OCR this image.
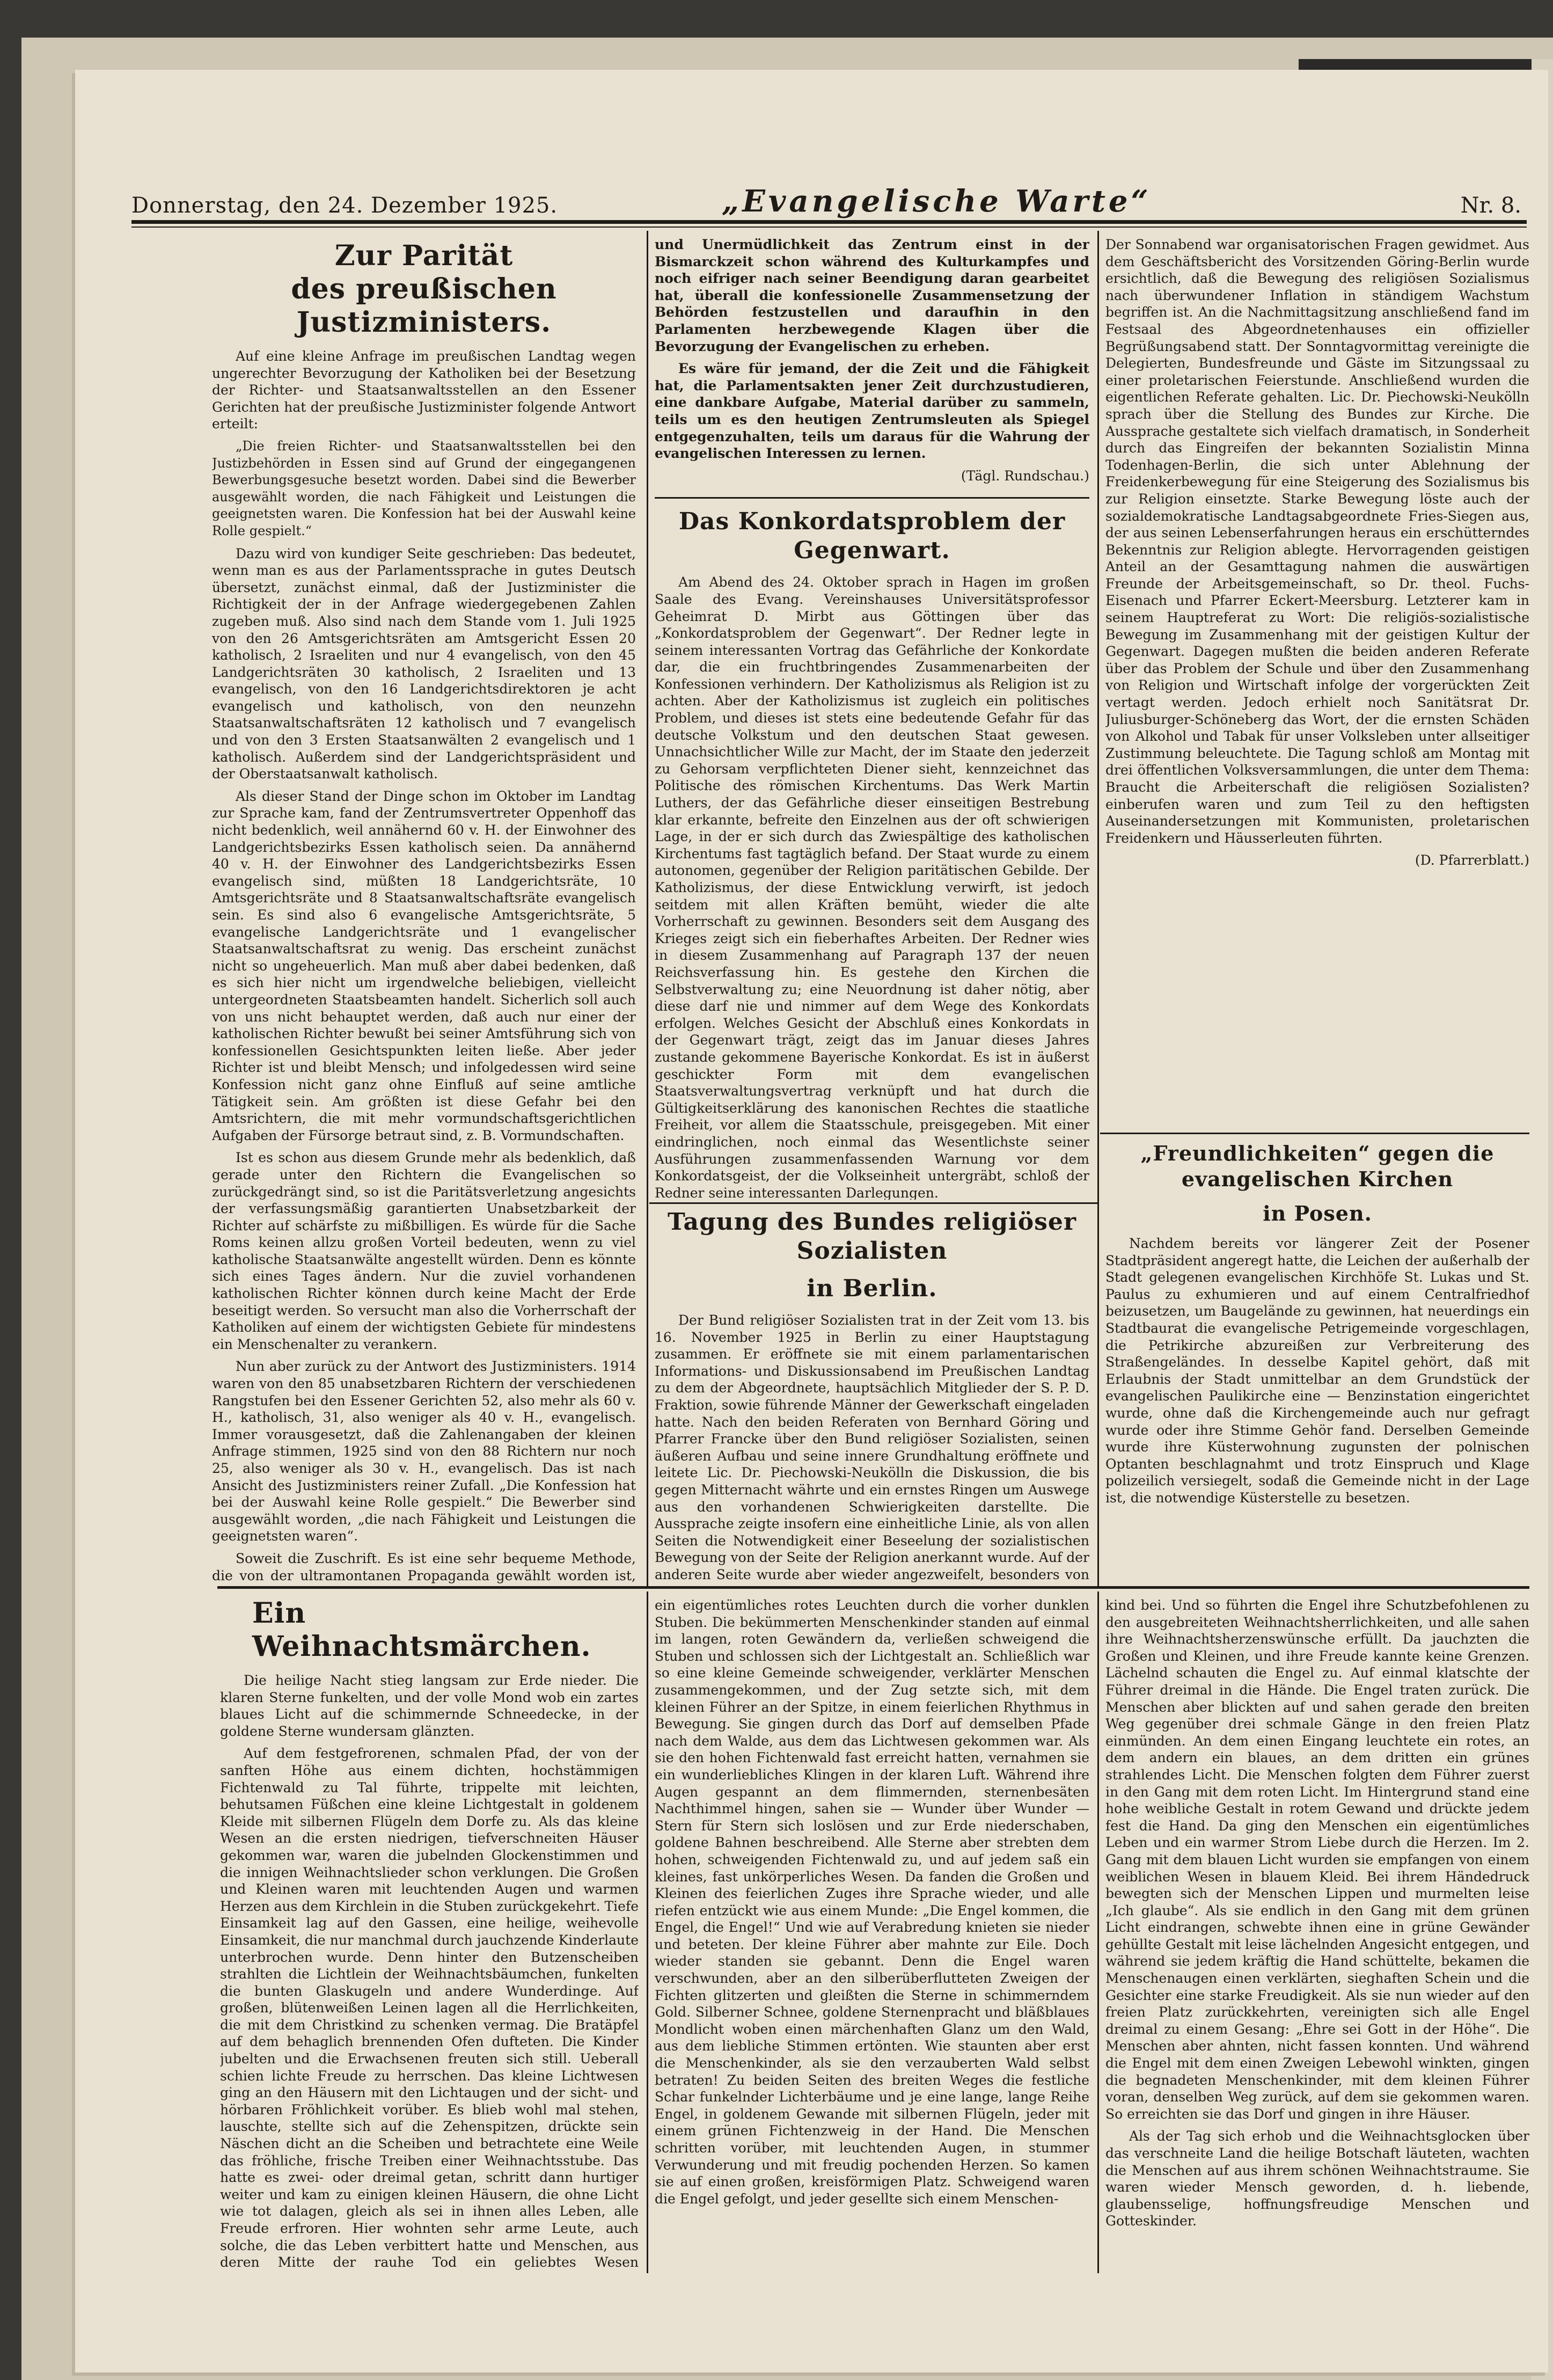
Donnerstag, den 24. Dezember 1925.	„Evangelische Warte“	Nr. 8.
Zur Parität
des preußischen Justizministers.

Auf eine kleine Anfrage im preußischen Landtag wegen ungerechter Bevorzugung der Katholiken bei der Besetzung der Richter- und Staatsanwaltsstellen an den Essener Gerichten hat der preußische Justizminister folgende Antwort erteilt:

„Die freien Richter- und Staatsanwaltsstellen bei den Justizbehörden in Essen sind auf Grund der eingegangenen Bewerbungsgesuche besetzt worden. Dabei sind die Bewerber ausgewählt worden, die nach Fähigkeit und Leistungen die geeignetsten waren. Die Konfession hat bei der Auswahl keine Rolle gespielt.“

Dazu wird von kundiger Seite geschrieben: Das bedeutet, wenn man es aus der Parlamentssprache in gutes Deutsch übersetzt, zunächst einmal, daß der Justizminister die Richtigkeit der in der Anfrage wiedergegebenen Zahlen zugeben muß. Also sind nach dem Stande vom 1. Juli 1925 von den 26 Amtsgerichtsräten am Amtsgericht Essen 20 katholisch, 2 Israeliten und nur 4 evangelisch, von den 45 Landgerichtsräten 30 katholisch, 2 Israeliten und 13 evangelisch, von den 16 Landgerichtsdirektoren je acht evangelisch und katholisch, von den neunzehn Staatsanwaltschaftsräten 12 katholisch und 7 evangelisch und von den 3 Ersten Staatsanwälten 2 evangelisch und 1 katholisch. Außerdem sind der Landgerichtspräsident und der Oberstaatsanwalt katholisch.

Als dieser Stand der Dinge schon im Oktober im Landtag zur Sprache kam, fand der Zentrumsvertreter Oppenhoff das nicht bedenklich, weil annähernd 60 v. H. der Einwohner des Landgerichtsbezirks Essen katholisch seien. Da annähernd 40 v. H. der Einwohner des Landgerichtsbezirks Essen evangelisch sind, müßten 18 Landgerichtsräte, 10 Amtsgerichtsräte und 8 Staatsanwaltschaftsräte evangelisch sein. Es sind also 6 evangelische Amtsgerichtsräte, 5 evangelische Landgerichtsräte und 1 evangelischer Staatsanwaltschaftsrat zu wenig. Das erscheint zunächst nicht so ungeheuerlich. Man muß aber dabei bedenken, daß es sich hier nicht um irgendwelche beliebigen, vielleicht untergeordneten Staatsbeamten handelt. Sicherlich soll auch von uns nicht behauptet werden, daß auch nur einer der katholischen Richter bewußt bei seiner Amtsführung sich von konfessionellen Gesichtspunkten leiten ließe. Aber jeder Richter ist und bleibt Mensch; und infolgedessen wird seine Konfession nicht ganz ohne Einfluß auf seine amtliche Tätigkeit sein. Am größten ist diese Gefahr bei den Amtsrichtern, die mit mehr vormundschaftsgerichtlichen Aufgaben der Fürsorge betraut sind, z. B. Vormundschaften.

Ist es schon aus diesem Grunde mehr als bedenklich, daß gerade unter den Richtern die Evangelischen so zurückgedrängt sind, so ist die Paritätsverletzung angesichts der verfassungsmäßig garantierten Unabsetzbarkeit der Richter auf schärfste zu mißbilligen. Es würde für die Sache Roms keinen allzu großen Vorteil bedeuten, wenn zu viel katholische Staatsanwälte angestellt würden. Denn es könnte sich eines Tages ändern. Nur die zuviel vorhandenen katholischen Richter können durch keine Macht der Erde beseitigt werden. So versucht man also die Vorherrschaft der Katholiken auf einem der wichtigsten Gebiete für mindestens ein Menschenalter zu verankern.

Nun aber zurück zu der Antwort des Justizministers. 1914 waren von den 85 unabsetzbaren Richtern der verschiedenen Rangstufen bei den Essener Gerichten 52, also mehr als 60 v. H., katholisch, 31, also weniger als 40 v. H., evangelisch. Immer vorausgesetzt, daß die Zahlenangaben der kleinen Anfrage stimmen, 1925 sind von den 88 Richtern nur noch 25, also weniger als 30 v. H., evangelisch. Das ist nach Ansicht des Justizministers reiner Zufall. „Die Konfession hat bei der Auswahl keine Rolle gespielt.“ Die Bewerber sind ausgewählt worden, „die nach Fähigkeit und Leistungen die geeignetsten waren“.

Soweit die Zuschrift. Es ist eine sehr bequeme Methode, die von der ultramontanen Propaganda gewählt worden ist,

und Unermüdlichkeit das Zentrum einst in der Bismarckzeit schon während des Kulturkampfes und noch eifriger nach seiner Beendigung daran gearbeitet hat, überall die konfessionelle Zusammensetzung der Behörden festzustellen und daraufhin in den Parlamenten herzbewegende Klagen über die Bevorzugung der Evangelischen zu erheben.

Es wäre für jemand, der die Zeit und die Fähigkeit hat, die Parlamentsakten jener Zeit durchzustudieren, eine dankbare Aufgabe, Material darüber zu sammeln, teils um es den heutigen Zentrumsleuten als Spiegel entgegenzuhalten, teils um daraus für die Wahrung der evangelischen Interessen zu lernen.

(Tägl. Rundschau.)

Das Konkordatsproblem der Gegenwart.

Am Abend des 24. Oktober sprach in Hagen im großen Saale des Evang. Vereinshauses Universitätsprofessor Geheimrat D. Mirbt aus Göttingen über das „Konkordatsproblem der Gegenwart“. Der Redner legte in seinem interessanten Vortrag das Gefährliche der Konkordate dar, die ein fruchtbringendes Zusammenarbeiten der Konfessionen verhindern. Der Katholizismus als Religion ist zu achten. Aber der Katholizismus ist zugleich ein politisches Problem, und dieses ist stets eine bedeutende Gefahr für das deutsche Volkstum und den deutschen Staat gewesen. Unnachsichtlicher Wille zur Macht, der im Staate den jederzeit zu Gehorsam verpflichteten Diener sieht, kennzeichnet das Politische des römischen Kirchentums. Das Werk Martin Luthers, der das Gefährliche dieser einseitigen Bestrebung klar erkannte, befreite den Einzelnen aus der oft schwierigen Lage, in der er sich durch das Zwiespältige des katholischen Kirchentums fast tagtäglich befand. Der Staat wurde zu einem autonomen, gegenüber der Religion paritätischen Gebilde. Der Katholizismus, der diese Entwicklung verwirft, ist jedoch seitdem mit allen Kräften bemüht, wieder die alte Vorherrschaft zu gewinnen. Besonders seit dem Ausgang des Krieges zeigt sich ein fieberhaftes Arbeiten. Der Redner wies in diesem Zusammenhang auf Paragraph 137 der neuen Reichsverfassung hin. Es gestehe den Kirchen die Selbstverwaltung zu; eine Neuordnung ist daher nötig, aber diese darf nie und nimmer auf dem Wege des Konkordats erfolgen. Welches Gesicht der Abschluß eines Konkordats in der Gegenwart trägt, zeigt das im Januar dieses Jahres zustande gekommene Bayerische Konkordat. Es ist in äußerst geschickter Form mit dem evangelischen Staatsverwaltungsvertrag verknüpft und hat durch die Gültigkeitserklärung des kanonischen Rechtes die staatliche Freiheit, vor allem die Staatsschule, preisgegeben. Mit einer eindringlichen, noch einmal das Wesentlichste seiner Ausführungen zusammenfassenden Warnung vor dem Konkordatsgeist, der die Volkseinheit untergräbt, schloß der Redner seine interessanten Darlegungen.

Tagung des Bundes religiöser Sozialisten
in Berlin.

Der Bund religiöser Sozialisten trat in der Zeit vom 13. bis 16. November 1925 in Berlin zu einer Hauptstagung zusammen. Er eröffnete sie mit einem parlamentarischen Informations- und Diskussionsabend im Preußischen Landtag zu dem der Abgeordnete, hauptsächlich Mitglieder der S. P. D. Fraktion, sowie führende Männer der Gewerkschaft eingeladen hatte. Nach den beiden Referaten von Bernhard Göring und Pfarrer Francke über den Bund religiöser Sozialisten, seinen äußeren Aufbau und seine innere Grundhaltung eröffnete und leitete Lic. Dr. Piechowski-Neukölln die Diskussion, die bis gegen Mitternacht währte und ein ernstes Ringen um Auswege aus den vorhandenen Schwierigkeiten darstellte. Die Aussprache zeigte insofern eine einheitliche Linie, als von allen Seiten die Notwendigkeit einer Beseelung der sozialistischen Bewegung von der Seite der Religion anerkannt wurde. Auf der anderen Seite wurde aber wieder angezweifelt, besonders von

Der Sonnabend war organisatorischen Fragen gewidmet. Aus dem Geschäftsbericht des Vorsitzenden Göring-Berlin wurde ersichtlich, daß die Bewegung des religiösen Sozialismus nach überwundener Inflation in ständigem Wachstum begriffen ist. An die Nachmittagsitzung anschließend fand im Festsaal des Abgeordnetenhauses ein offizieller Begrüßungsabend statt. Der Sonntagvormittag vereinigte die Delegierten, Bundesfreunde und Gäste im Sitzungssaal zu einer proletarischen Feierstunde. Anschließend wurden die eigentlichen Referate gehalten. Lic. Dr. Piechowski-Neukölln sprach über die Stellung des Bundes zur Kirche. Die Aussprache gestaltete sich vielfach dramatisch, in Sonderheit durch das Eingreifen der bekannten Sozialistin Minna Todenhagen-Berlin, die sich unter Ablehnung der Freidenkerbewegung für eine Steigerung des Sozialismus bis zur Religion einsetzte. Starke Bewegung löste auch der sozialdemokratische Landtagsabgeordnete Fries-Siegen aus, der aus seinen Lebenserfahrungen heraus ein erschütterndes Bekenntnis zur Religion ablegte. Hervorragenden geistigen Anteil an der Gesamttagung nahmen die auswärtigen Freunde der Arbeitsgemeinschaft, so Dr. theol. Fuchs-Eisenach und Pfarrer Eckert-Meersburg. Letzterer kam in seinem Hauptreferat zu Wort: Die religiös-sozialistische Bewegung im Zusammenhang mit der geistigen Kultur der Gegenwart. Dagegen mußten die beiden anderen Referate über das Problem der Schule und über den Zusammenhang von Religion und Wirtschaft infolge der vorgerückten Zeit vertagt werden. Jedoch erhielt noch Sanitätsrat Dr. Juliusburger-Schöneberg das Wort, der die ernsten Schäden von Alkohol und Tabak für unser Volksleben unter allseitiger Zustimmung beleuchtete. Die Tagung schloß am Montag mit drei öffentlichen Volksversammlungen, die unter dem Thema: Braucht die Arbeiterschaft die religiösen Sozialisten? einberufen waren und zum Teil zu den heftigsten Auseinandersetzungen mit Kommunisten, proletarischen Freidenkern und Häusserleuten führten.

(D. Pfarrerblatt.)

„Freundlichkeiten“ gegen die evangelischen Kirchen
in Posen.

Nachdem bereits vor längerer Zeit der Posener Stadtpräsident angeregt hatte, die Leichen der außerhalb der Stadt gelegenen evangelischen Kirchhöfe St. Lukas und St. Paulus zu exhumieren und auf einem Centralfriedhof beizusetzen, um Baugelände zu gewinnen, hat neuerdings ein Stadtbaurat die evangelische Petrigemeinde vorgeschlagen, die Petrikirche abzureißen zur Verbreiterung des Straßengeländes. In desselbe Kapitel gehört, daß mit Erlaubnis der Stadt unmittelbar an dem Grundstück der evangelischen Paulikirche eine — Benzinstation eingerichtet wurde, ohne daß die Kirchengemeinde auch nur gefragt wurde oder ihre Stimme Gehör fand. Derselben Gemeinde wurde ihre Küsterwohnung zugunsten der polnischen Optanten beschlagnahmt und trotz Einspruch und Klage polizeilich versiegelt, sodaß die Gemeinde nicht in der Lage ist, die notwendige Küsterstelle zu besetzen.

Ein Weihnachtsmärchen.

Die heilige Nacht stieg langsam zur Erde nieder. Die klaren Sterne funkelten, und der volle Mond wob ein zartes blaues Licht auf die schimmernde Schneedecke, in der goldene Sterne wundersam glänzten.

Auf dem festgefrorenen, schmalen Pfad, der von der sanften Höhe aus einem dichten, hochstämmigen Fichtenwald zu Tal führte, trippelte mit leichten, behutsamen Füßchen eine kleine Lichtgestalt in goldenem Kleide mit silbernen Flügeln dem Dorfe zu. Als das kleine Wesen an die ersten niedrigen, tiefverschneiten Häuser gekommen war, waren die jubelnden Glockenstimmen und die innigen Weihnachtslieder schon verklungen. Die Großen und Kleinen waren mit leuchtenden Augen und warmen Herzen aus dem Kirchlein in die Stuben zurückgekehrt. Tiefe Einsamkeit lag auf den Gassen, eine heilige, weihevolle Einsamkeit, die nur manchmal durch jauchzende Kinderlaute unterbrochen wurde. Denn hinter den Butzenscheiben strahlten die Lichtlein der Weihnachtsbäumchen, funkelten die bunten Glaskugeln und andere Wunderdinge. Auf großen, blütenweißen Leinen lagen all die Herrlichkeiten, die mit dem Christkind zu schenken vermag. Die Bratäpfel auf dem behaglich brennenden Ofen dufteten. Die Kinder jubelten und die Erwachsenen freuten sich still. Ueberall schien lichte Freude zu herrschen. Das kleine Lichtwesen ging an den Häusern mit den Lichtaugen und der sicht- und hörbaren Fröhlichkeit vorüber. Es blieb wohl mal stehen, lauschte, stellte sich auf die Zehenspitzen, drückte sein Näschen dicht an die Scheiben und betrachtete eine Weile das fröhliche, frische Treiben einer Weihnachtsstube. Das hatte es zwei- oder dreimal getan, schritt dann hurtiger weiter und kam zu einigen kleinen Häusern, die ohne Licht wie tot dalagen, gleich als sei in ihnen alles Leben, alle Freude erfroren. Hier wohnten sehr arme Leute, auch solche, die das Leben verbittert hatte und Menschen, aus deren Mitte der rauhe Tod ein geliebtes Wesen

ein eigentümliches rotes Leuchten durch die vorher dunklen Stuben. Die bekümmerten Menschenkinder standen auf einmal im langen, roten Gewändern da, verließen schweigend die Stuben und schlossen sich der Lichtgestalt an. Schließlich war so eine kleine Gemeinde schweigender, verklärter Menschen zusammengekommen, und der Zug setzte sich, mit dem kleinen Führer an der Spitze, in einem feierlichen Rhythmus in Bewegung. Sie gingen durch das Dorf auf demselben Pfade nach dem Walde, aus dem das Lichtwesen gekommen war. Als sie den hohen Fichtenwald fast erreicht hatten, vernahmen sie ein wunderliebliches Klingen in der klaren Luft. Während ihre Augen gespannt an dem flimmernden, sternenbesäten Nachthimmel hingen, sahen sie — Wunder über Wunder — Stern für Stern sich loslösen und zur Erde niederschaben, goldene Bahnen beschreibend. Alle Sterne aber strebten dem hohen, schweigenden Fichtenwald zu, und auf jedem saß ein kleines, fast unkörperliches Wesen. Da fanden die Großen und Kleinen des feierlichen Zuges ihre Sprache wieder, und alle riefen entzückt wie aus einem Munde: „Die Engel kommen, die Engel, die Engel!“ Und wie auf Verabredung knieten sie nieder und beteten. Der kleine Führer aber mahnte zur Eile. Doch wieder standen sie gebannt. Denn die Engel waren verschwunden, aber an den silberüberflutteten Zweigen der Fichten glitzerten und gleißten die Sterne in schimmerndem Gold. Silberner Schnee, goldene Sternenpracht und bläßblaues Mondlicht woben einen märchenhaften Glanz um den Wald, aus dem liebliche Stimmen ertönten. Wie staunten aber erst die Menschenkinder, als sie den verzauberten Wald selbst betraten! Zu beiden Seiten des breiten Weges die festliche Schar funkelnder Lichterbäume und je eine lange, lange Reihe Engel, in goldenem Gewande mit silbernen Flügeln, jeder mit einem grünen Fichtenzweig in der Hand. Die Menschen schritten vorüber, mit leuchtenden Augen, in stummer Verwunderung und mit freudig pochenden Herzen. So kamen sie auf einen großen, kreisförmigen Platz. Schweigend waren die Engel gefolgt, und jeder gesellte sich einem Menschen-

kind bei. Und so führten die Engel ihre Schutzbefohlenen zu den ausgebreiteten Weihnachtsherrlichkeiten, und alle sahen ihre Weihnachtsherzenswünsche erfüllt. Da jauchzten die Großen und Kleinen, und ihre Freude kannte keine Grenzen. Lächelnd schauten die Engel zu. Auf einmal klatschte der Führer dreimal in die Hände. Die Engel traten zurück. Die Menschen aber blickten auf und sahen gerade den breiten Weg gegenüber drei schmale Gänge in den freien Platz einmünden. An dem einen Eingang leuchtete ein rotes, an dem andern ein blaues, an dem dritten ein grünes strahlendes Licht. Die Menschen folgten dem Führer zuerst in den Gang mit dem roten Licht. Im Hintergrund stand eine hohe weibliche Gestalt in rotem Gewand und drückte jedem fest die Hand. Da ging den Menschen ein eigentümliches Leben und ein warmer Strom Liebe durch die Herzen. Im 2. Gang mit dem blauen Licht wurden sie empfangen von einem weiblichen Wesen in blauem Kleid. Bei ihrem Händedruck bewegten sich der Menschen Lippen und murmelten leise „Ich glaube“. Als sie endlich in den Gang mit dem grünen Licht eindrangen, schwebte ihnen eine in grüne Gewänder gehüllte Gestalt mit leise lächelnden Angesicht entgegen, und während sie jedem kräftig die Hand schüttelte, bekamen die Menschenaugen einen verklärten, sieghaften Schein und die Gesichter eine starke Freudigkeit. Als sie nun wieder auf den freien Platz zurückkehrten, vereinigten sich alle Engel dreimal zu einem Gesang: „Ehre sei Gott in der Höhe“. Die Menschen aber ahnten, nicht fassen konnten. Und während die Engel mit dem einen Zweigen Lebewohl winkten, gingen die begnadeten Menschenkinder, mit dem kleinen Führer voran, denselben Weg zurück, auf dem sie gekommen waren. So erreichten sie das Dorf und gingen in ihre Häuser.

Als der Tag sich erhob und die Weihnachtsglocken über das verschneite Land die heilige Botschaft läuteten, wachten die Menschen auf aus ihrem schönen Weihnachtstraume. Sie waren wieder Mensch geworden, d. h. liebende, glaubensselige, hoffnungsfreudige Menschen und Gotteskinder.
